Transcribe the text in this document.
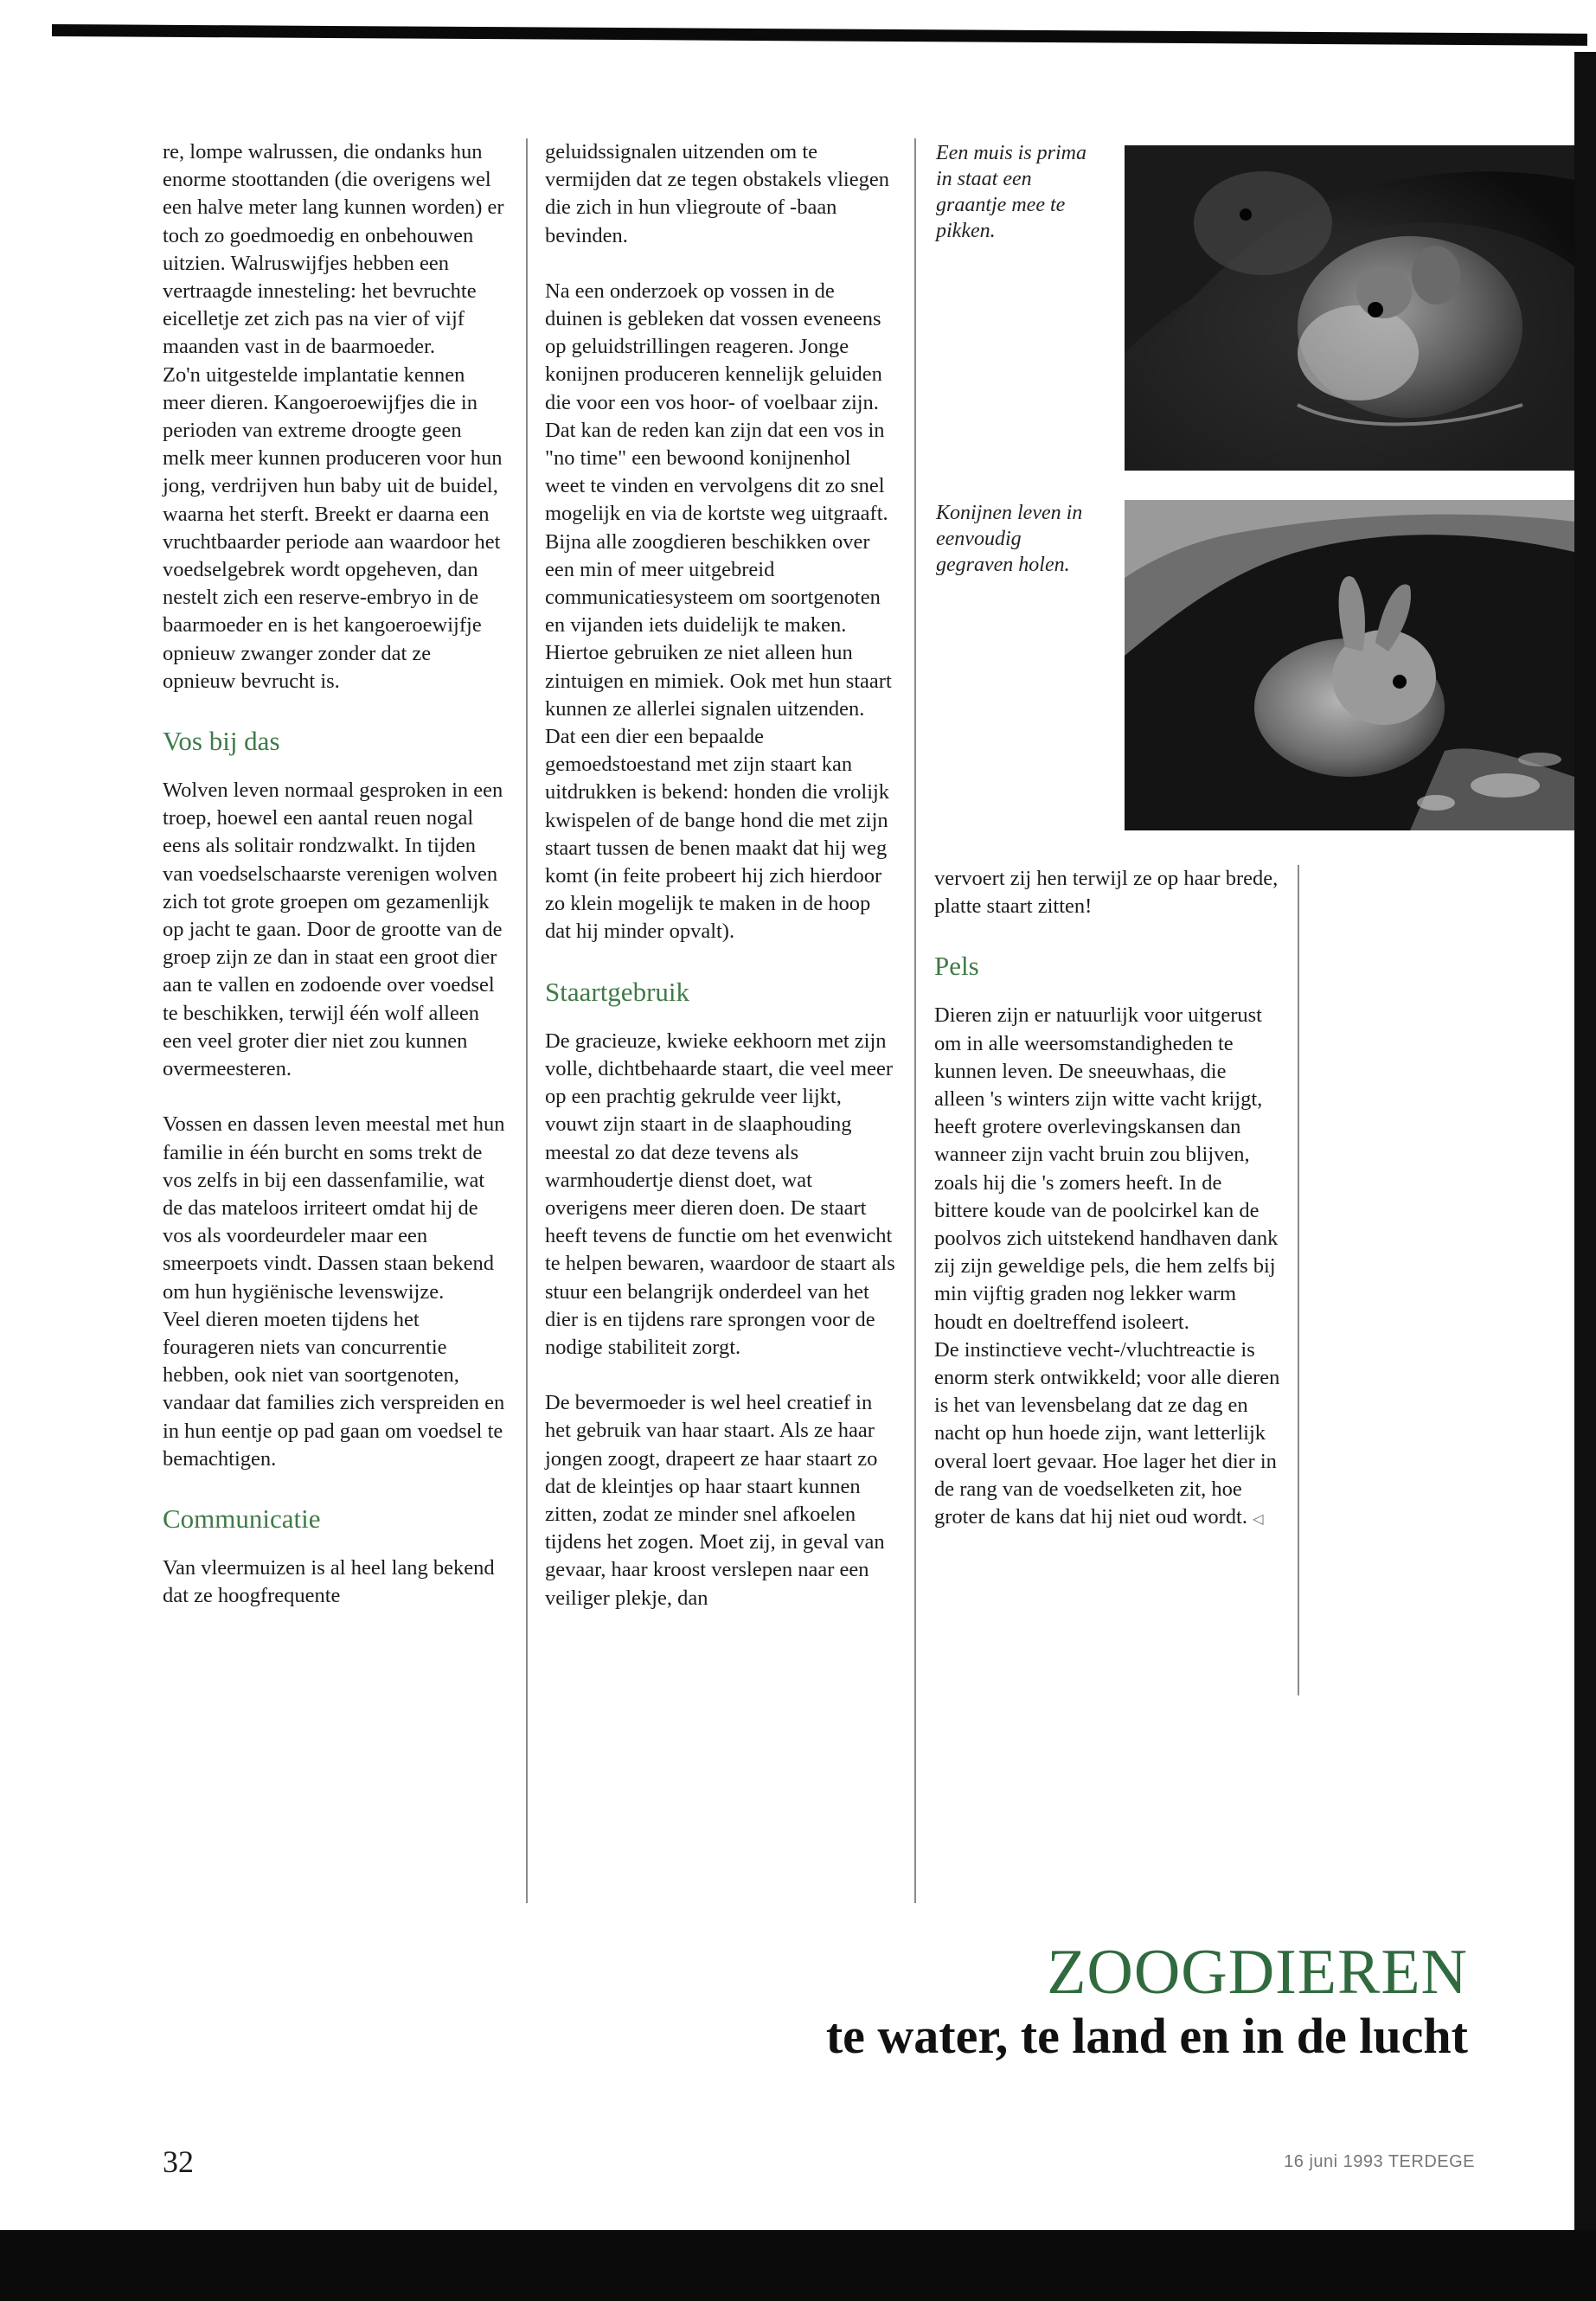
re, lompe walrussen, die ondanks hun enorme stoottanden (die overigens wel een halve meter lang kunnen worden) er toch zo goedmoedig en onbehouwen uitzien. Walruswijfjes hebben een vertraagde innesteling: het bevruchte eicelletje zet zich pas na vier of vijf maanden vast in de baarmoeder.

Zo'n uitgestelde implantatie kennen meer dieren. Kangoeroewijfjes die in perioden van extreme droogte geen melk meer kunnen produceren voor hun jong, verdrijven hun baby uit de buidel, waarna het sterft. Breekt er daarna een vruchtbaarder periode aan waardoor het voedselgebrek wordt opgeheven, dan nestelt zich een reserve-embryo in de baarmoeder en is het kangoeroewijfje opnieuw zwanger zonder dat ze opnieuw bevrucht is.

Vos bij das

Wolven leven normaal gesproken in een troep, hoewel een aantal reuen nogal eens als solitair rondzwalkt. In tijden van voedselschaarste verenigen wolven zich tot grote groepen om gezamenlijk op jacht te gaan. Door de grootte van de groep zijn ze dan in staat een groot dier aan te vallen en zodoende over voedsel te beschikken, terwijl één wolf alleen een veel groter dier niet zou kunnen overmeesteren.

Vossen en dassen leven meestal met hun familie in één burcht en soms trekt de vos zelfs in bij een dassenfamilie, wat de das mateloos irriteert omdat hij de vos als voordeurdeler maar een smeerpoets vindt. Dassen staan bekend om hun hygiënische levenswijze.

Veel dieren moeten tijdens het fourageren niets van concurrentie hebben, ook niet van soortgenoten, vandaar dat families zich verspreiden en in hun eentje op pad gaan om voedsel te bemachtigen.

Communicatie

Van vleermuizen is al heel lang bekend dat ze hoogfrequente

geluidssignalen uitzenden om te vermijden dat ze tegen obstakels vliegen die zich in hun vliegroute of -baan bevinden.

Na een onderzoek op vossen in de duinen is gebleken dat vossen eveneens op geluidstrillingen reageren. Jonge konijnen produceren kennelijk geluiden die voor een vos hoor- of voelbaar zijn. Dat kan de reden kan zijn dat een vos in "no time" een bewoond konijnenhol weet te vinden en vervolgens dit zo snel mogelijk en via de kortste weg uitgraaft.

Bijna alle zoogdieren beschikken over een min of meer uitgebreid communicatiesysteem om soortgenoten en vijanden iets duidelijk te maken. Hiertoe gebruiken ze niet alleen hun zintuigen en mimiek. Ook met hun staart kunnen ze allerlei signalen uitzenden. Dat een dier een bepaalde gemoedstoestand met zijn staart kan uitdrukken is bekend: honden die vrolijk kwispelen of de bange hond die met zijn staart tussen de benen maakt dat hij weg komt (in feite probeert hij zich hierdoor zo klein mogelijk te maken in de hoop dat hij minder opvalt).

Staartgebruik

De gracieuze, kwieke eekhoorn met zijn volle, dichtbehaarde staart, die veel meer op een prachtig gekrulde veer lijkt, vouwt zijn staart in de slaaphouding meestal zo dat deze tevens als warmhoudertje dienst doet, wat overigens meer dieren doen. De staart heeft tevens de functie om het evenwicht te helpen bewaren, waardoor de staart als stuur een belangrijk onderdeel van het dier is en tijdens rare sprongen voor de nodige stabiliteit zorgt.

De bevermoeder is wel heel creatief in het gebruik van haar staart. Als ze haar jongen zoogt, drapeert ze haar staart zo dat de kleintjes op haar staart kunnen zitten, zodat ze minder snel afkoelen tijdens het zogen. Moet zij, in geval van gevaar, haar kroost verslepen naar een veiliger plekje, dan

Een muis is prima in staat een graantje mee te pikken.
Konijnen leven in eenvoudig gegraven holen.

vervoert zij hen terwijl ze op haar brede, platte staart zitten!

Pels

Dieren zijn er natuurlijk voor uitgerust om in alle weersomstandigheden te kunnen leven. De sneeuwhaas, die alleen 's winters zijn witte vacht krijgt, heeft grotere overlevingskansen dan wanneer zijn vacht bruin zou blijven, zoals hij die 's zomers heeft. In de bittere koude van de poolcirkel kan de poolvos zich uitstekend handhaven dank zij zijn geweldige pels, die hem zelfs bij min vijftig graden nog lekker warm houdt en doeltreffend isoleert.

De instinctieve vecht-/vluchtreactie is enorm sterk ontwikkeld; voor alle dieren is het van levensbelang dat ze dag en nacht op hun hoede zijn, want letterlijk overal loert gevaar. Hoe lager het dier in de rang van de voedselketen zit, hoe groter de kans dat hij niet oud wordt. ◁

ZOOGDIEREN
te water, te land en in de lucht
32	16 juni 1993 TERDEGE
